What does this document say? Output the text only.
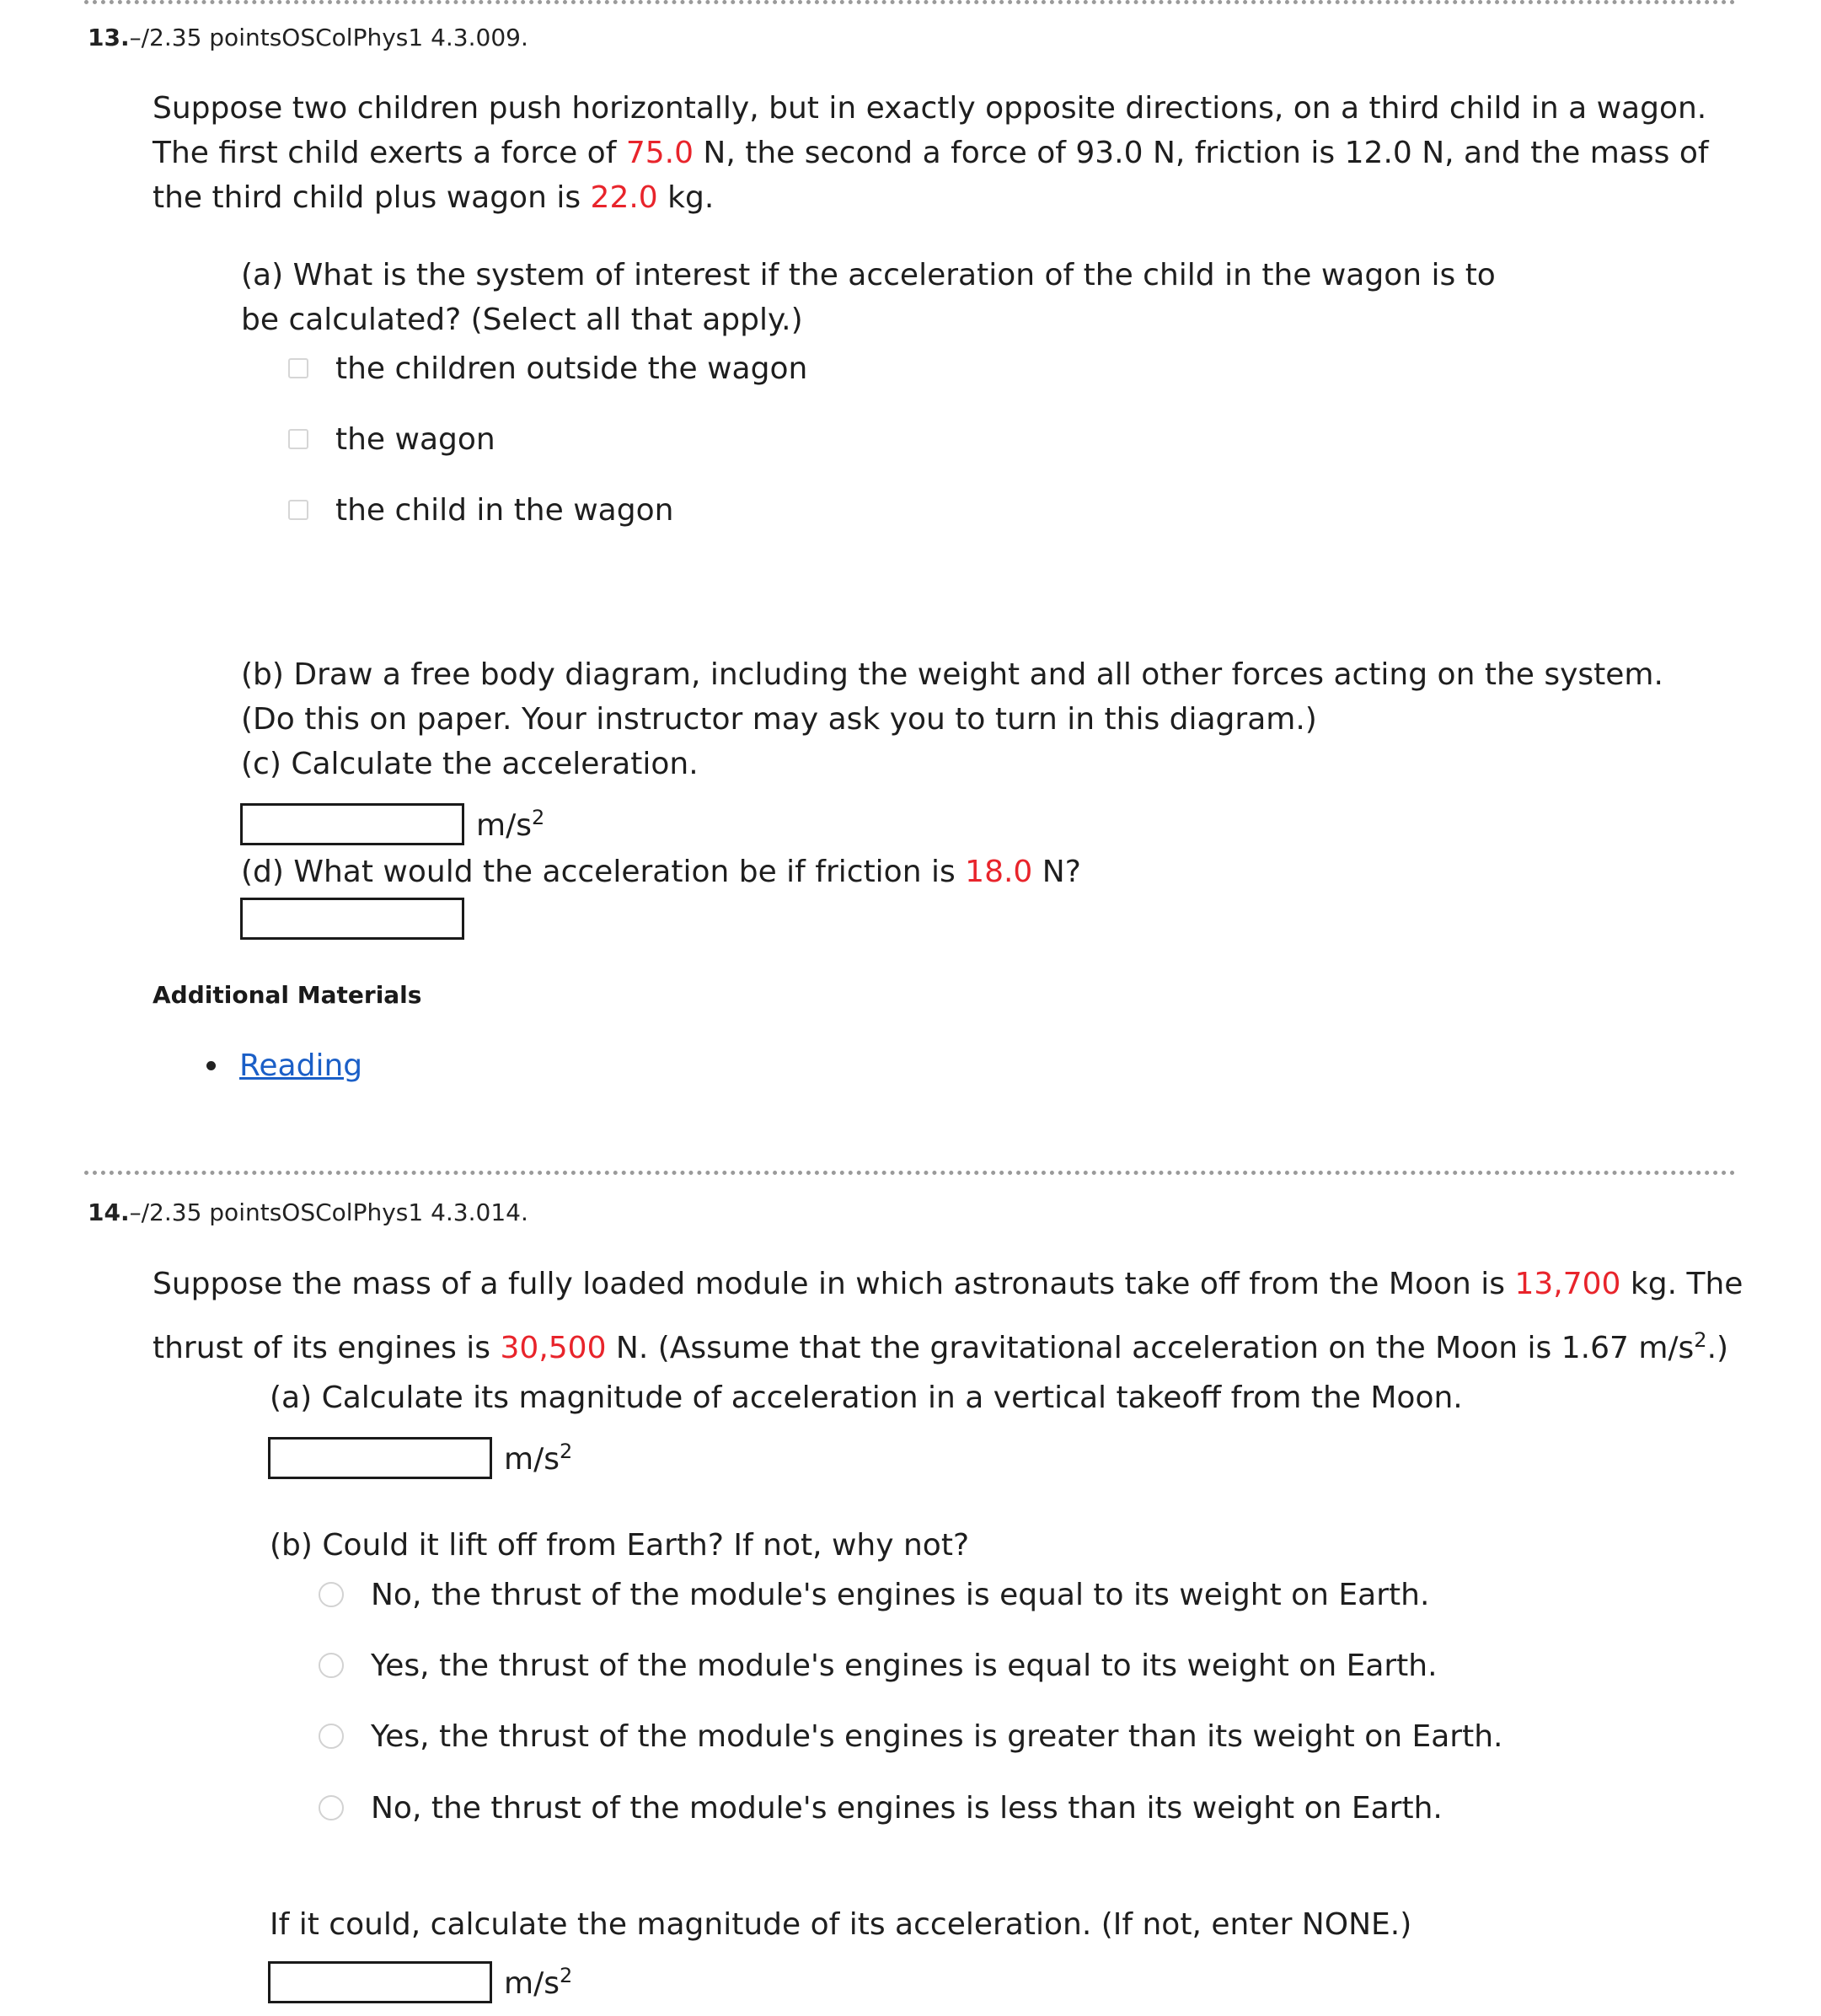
13.–/2.35 pointsOSColPhys1 4.3.009.
Suppose two children push horizontally, but in exactly opposite directions, on a third child in a wagon. The first child exerts a force of 75.0 N, the second a force of 93.0 N, friction is 12.0 N, and the mass of the third child plus wagon is 22.0 kg.
(a) What is the system of interest if the acceleration of the child in the wagon is to be calculated? (Select all that apply.)
the children outside the wagon
the wagon
the child in the wagon
(b) Draw a free body diagram, including the weight and all other forces acting on the system.
(Do this on paper. Your instructor may ask you to turn in this diagram.)
(c) Calculate the acceleration.
$m/s^2$
(d) What would the acceleration be if friction is 18.0 N?
Additional Materials
Reading
14.–/2.35 pointsOSColPhys1 4.3.014.
Suppose the mass of a fully loaded module in which astronauts take off from the Moon is 13,700 kg. The thrust of its engines is 30,500 N. (Assume that the gravitational acceleration on the Moon is 1.67 $m/s^2$.)
(a) Calculate its magnitude of acceleration in a vertical takeoff from the Moon.
$m/s^2$
(b) Could it lift off from Earth? If not, why not?
No, the thrust of the module's engines is equal to its weight on Earth.
Yes, the thrust of the module's engines is equal to its weight on Earth.
Yes, the thrust of the module's engines is greater than its weight on Earth.
No, the thrust of the module's engines is less than its weight on Earth.
If it could, calculate the magnitude of its acceleration. (If not, enter NONE.)
$m/s^2$
